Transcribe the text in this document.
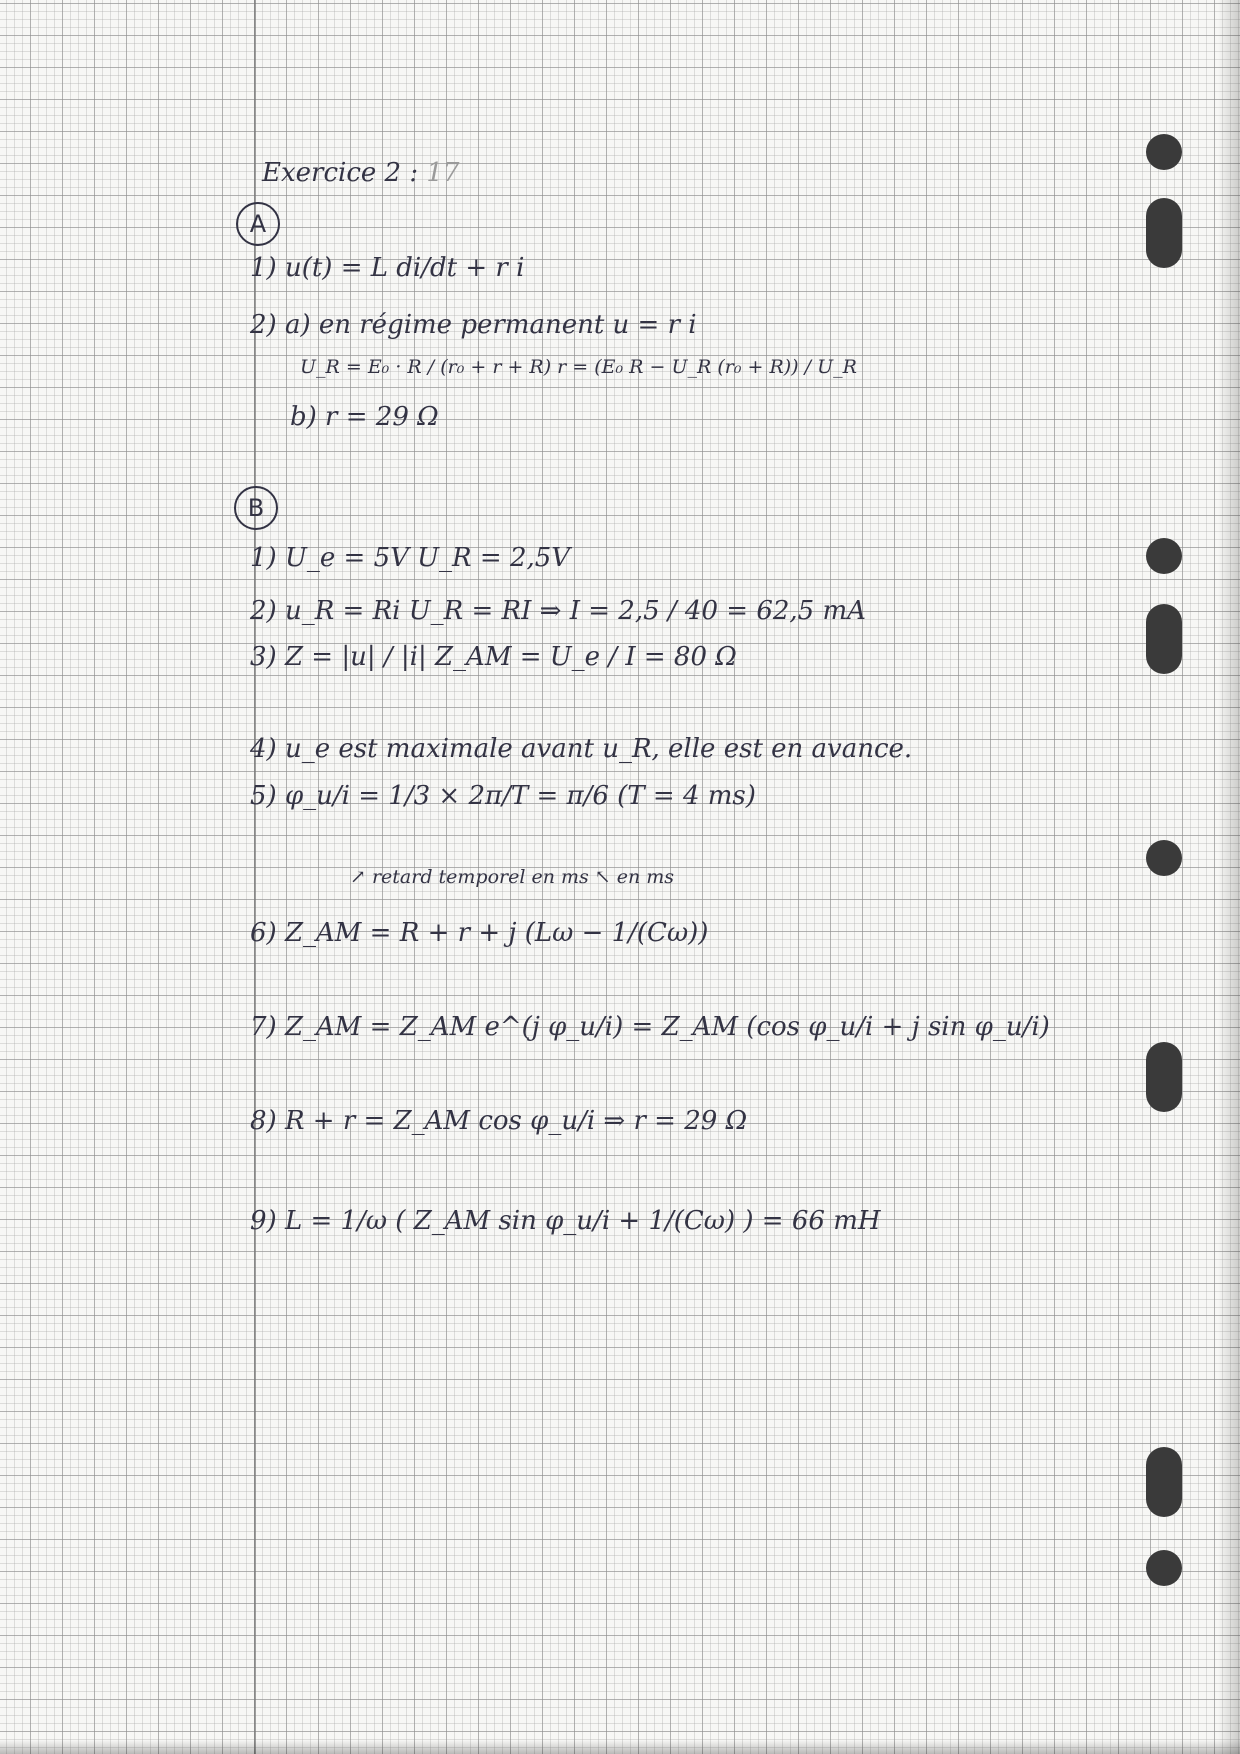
Exercice 2 : 17
A
1) u(t) = L di/dt + r i
2) a) en régime permanent u = r i
U_R = E₀ · R / (r₀ + r + R) r = (E₀ R − U_R (r₀ + R)) / U_R
b) r = 29 Ω
B
1) U_e = 5V U_R = 2,5V
2) u_R = Ri U_R = RI ⇒ I = 2,5 / 40 = 62,5 mA
3) Z = |u| / |i| Z_AM = U_e / I = 80 Ω
4) u_e est maximale avant u_R, elle est en avance.
5) φ_u/i = 1/3 × 2π/T = π/6 (T = 4 ms)
↗ retard temporel en ms ↖ en ms
6) Z_AM = R + r + j (Lω − 1/(Cω))
7) Z_AM = Z_AM e^(j φ_u/i) = Z_AM (cos φ_u/i + j sin φ_u/i)
8) R + r = Z_AM cos φ_u/i ⇒ r = 29 Ω
9) L = 1/ω ( Z_AM sin φ_u/i + 1/(Cω) ) = 66 mH
